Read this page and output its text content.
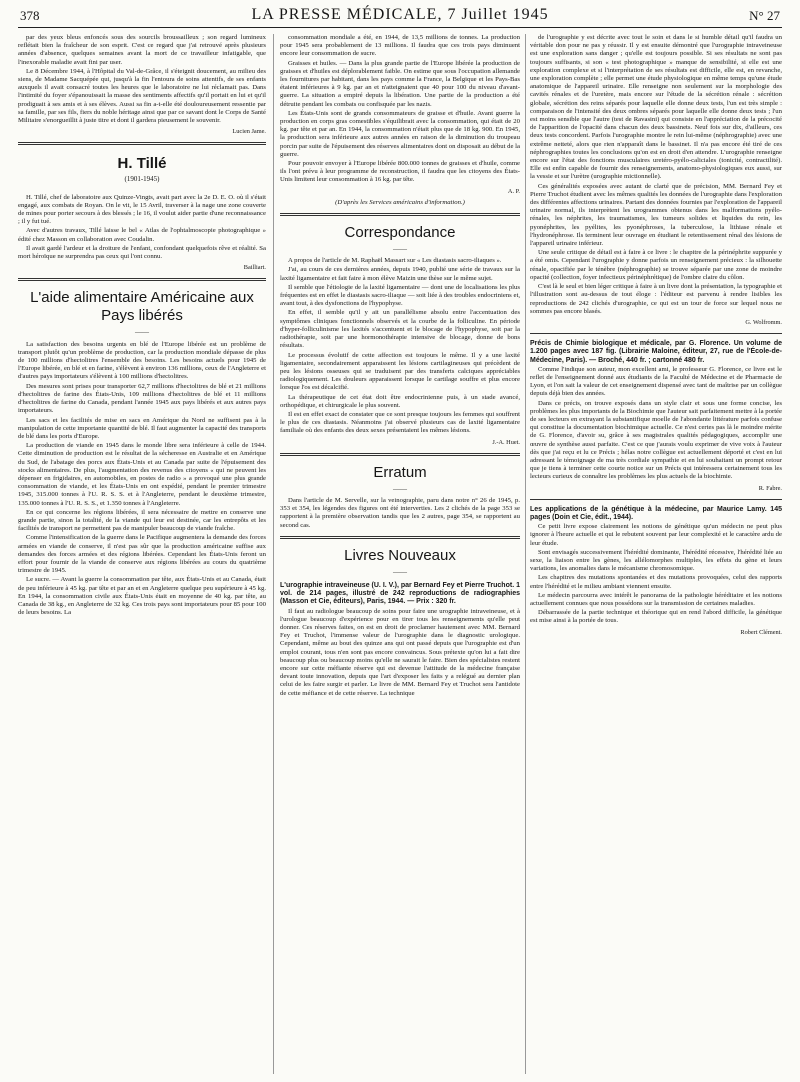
378	LA PRESSE MÉDICALE, 7 Juillet 1945	N° 27

par des yeux bleus enfoncés sous des sourcils broussailleux ; son regard lumineux reflétait bien la fraîcheur de son esprit. C'est ce regard que j'ai retrouvé après plusieurs années d'absence, quelques semaines avant la mort de ce travailleur infatigable, que l'inexorable maladie avait fini par user.

Le 8 Décembre 1944, à l'Hôpital du Val-de-Grâce, il s'éteignit doucement, au milieu des siens, de Madame Sacquépée qui, jusqu'à la fin l'entoura de soins attentifs, de ses enfants auxquels il avait consacré toutes les heures que le laboratoire ne lui réclamait pas. Dans l'intimité du foyer s'épanouissait la masse des sentiments affectifs qu'il portait en lui et qu'il prodiguait à ses amis et à ses élèves. Aussi sa fin a-t-elle été douloureusement ressentie par sa famille, par ses fils, fiers du noble héritage ainsi que par ce savant dont le Corps de Santé Militaire s'enorgueillit à juste titre et dont il gardera pieusement le souvenir.

Lucien Jame.
H. Tillé
(1901-1945)

H. Tillé, chef de laboratoire aux Quinze-Vingts, avait part avec la 2e D. E. O. où il s'était engagé, aux combats de Royan. On le vit, le 15 Avril, traverser à la nage une zone couverte de mines pour porter secours à des blessés ; le 16, il voulut aider partie d'une reconnaissance ; il y fut tué.

Avec d'autres travaux, Tillé laisse le bel « Atlas de l'ophtalmoscopie photographique » édité chez Masson en collaboration avec Coudalin.

Il avait gardé l'ardeur et la droiture de l'enfant, confondant quelquefois rêve et réalité. Sa mort héroïque ne surprendra pas ceux qui l'ont connu.

Bailliart.
L'aide alimentaire Américaine aux Pays libérés
——

La satisfaction des besoins urgents en blé de l'Europe libérée est un problème de transport plutôt qu'un problème de production, car la production mondiale dépasse de plus de 100 millions d'hectolitres l'ensemble des besoins. Les besoins actuels pour 1945 de l'Europe libérée, en blé et en farine, s'élèvent à environ 136 millions, ceux de l'Angleterre et d'autres pays importateurs s'élèvent à 100 millions d'hectolitres.

Des mesures sont prises pour transporter 62,7 millions d'hectolitres de blé et 21 millions d'hectolitres de farine des États-Unis, 109 millions d'hectolitres de blé et 11 millions d'hectolitres de farine du Canada, pendant l'année 1945 aux pays libérés et aux autres pays importateurs.

Les sacs et les facilités de mise en sacs en Amérique du Nord ne suffisent pas à la manipulation de cette importante quantité de blé. Il faut augmenter la capacité des transports de blé dans les ports d'Europe.

La production de viande en 1945 dans le monde libre sera inférieure à celle de 1944. Cette diminution de production est le résultat de la sécheresse en Australie et en Amérique du Sud, de l'abatage des porcs aux États-Unis et au Canada par suite de l'épuisement des stocks alimentaires. De plus, l'augmentation des revenus des citoyens « qui ne peuvent les dépenser en frigidaires, en automobiles, en postes de radio » a provoqué une plus grande consommation de viande, et les États-Unis en ont expédié, pendant le premier trimestre 1945, 315.000 tonnes à l'U. R. S. S. et à l'Angleterre, pendant le deuxième trimestre, 135.000 tonnes à l'U. R. S. S., et 1.350 tonnes à l'Angleterre.

En ce qui concerne les régions libérées, il sera nécessaire de mettre en conserve une grande partie, sinon la totalité, de la viande qui leur est destinée, car les entrepôts et les facilités de transport ne permettent pas de manipuler beaucoup de viande fraîche.

Comme l'intensification de la guerre dans le Pacifique augmentera la demande des forces armées en viande de conserve, il n'est pas sûr que la production américaine suffise aux demandes des forces armées et des régions libérées. Cependant les États-Unis feront un effort pour fournir de la viande de conserve aux régions libérées au cours du quatrième trimestre de 1945.

Le sucre. — Avant la guerre la consommation par tête, aux États-Unis et au Canada, était de peu inférieure à 45 kg. par tête et par an et en Angleterre quelque peu supérieure à 45 kg. En 1944, la consommation civile aux États-Unis était en moyenne de 40 kg. par tête, au Canada de 38 kg., en Angleterre de 32 kg. Ces trois pays sont importateurs pour 85 pour 100 de leurs besoins. La

consommation mondiale a été, en 1944, de 13,5 millions de tonnes. La production pour 1945 sera probablement de 13 millions. Il faudra que ces trois pays diminuent encore leur consommation de sucre.

Graisses et huiles. — Dans la plus grande partie de l'Europe libérée la production de graisses et d'huiles est déplorablement faible. On estime que sous l'occupation allemande les fournitures par habitant, dans les pays comme la France, la Belgique et les Pays-Bas étaient inférieures à 9 kg. par an et n'atteignaient que 40 pour 100 du niveau d'avant-guerre. La situation a empiré depuis la libération. Une partie de la production a été détruite pendant les combats ou confisquée par les nazis.

Les États-Unis sont de grands consommateurs de graisse et d'huile. Avant guerre la production en corps gras comestibles s'équilibrait avec la consommation, qui était de 20 kg. par tête et par an. En 1944, la consommation n'était plus que de 18 kg. 900. En 1945, la production sera inférieure aux autres années en raison de la diminution du troupeau porcin par suite de l'épuisement des réserves alimentaires dont on disposait au début de la guerre.

Pour pouvoir envoyer à l'Europe libérée 800.000 tonnes de graisses et d'huile, comme ils l'ont prévu à leur programme de reconstruction, il faudra que les citoyens des États-Unis limitent leur consommation à 16 kg. par tête.

A. P.
(D'après les Services américains d'information.)
Correspondance
——

A propos de l'article de M. Raphaël Massart sur « Les diastasis sacro-iliaques ».

J'ai, au cours de ces dernières années, depuis 1940, publié une série de travaux sur la laxité ligamentaire et fait faire à mon élève Maizin une thèse sur le même sujet.

Il semble que l'étiologie de la laxité ligamentaire — dont une de localisations les plus fréquentes est en effet le diastasis sacro-iliaque — soit liée à des troubles endocriniens et, avant tout, à des dysfonctions de l'hypophyse.

En effet, il semble qu'il y ait un parallélisme absolu entre l'accentuation des symptômes cliniques fonctionnels observés et la courbe de la folliculine. En période d'hyper-folliculinisme les laxités s'accentuent et le blocage de l'hypophyse, soit par la radiothérapie, soit par une hormonothérapie intensive de blocage, donne de bons résultats.

Le processus évolutif de cette affection est toujours le même. Il y a une laxité ligamentaire, secondairement apparaissent les lésions cartilagineuses qui précèdent de peu les lésions osseuses qui se traduisent par des transferts calciques appréciables radiologiquement. Les douleurs apparaissent lorsque le cartilage souffre et plus encore lorsque l'os est décalcifié.

La thérapeutique de cet état doit être endocrinienne puis, à un stade avancé, orthopédique, et chirurgicale le plus souvent.

Il est en effet exact de constater que ce sont presque toujours les femmes qui souffrent le plus de ces diastasis. Néanmoins j'ai observé plusieurs cas de laxité ligamentaire familiale où des enfants des deux sexes présentaient les mêmes lésions.

J.-A. Huet.
Erratum
——

Dans l'article de M. Servelle, sur la veinographie, paru dans notre n° 26 de 1945, p. 353 et 354, les légendes des figures ont été interverties. Les 2 clichés de la page 353 se rapportent à la première observation tandis que les 2 autres, page 354, se rapportent au second cas.

Livres Nouveaux
——

L'urographie intraveineuse (U. I. V.), par Bernard Fey et Pierre Truchot. 1 vol. de 214 pages, illustré de 242 reproductions de radiographies (Masson et Cie, éditeurs), Paris, 1944. — Prix : 320 fr.

Il faut au radiologue beaucoup de soins pour faire une urographie intraveineuse, et à l'urologue beaucoup d'expérience pour en tirer tous les renseignements qu'elle peut donner. Ces réserves faites, on est en droit de proclamer hautement avec MM. Bernard Fey et Truchot, l'immense valeur de l'urographie dans le diagnostic urologique. Cependant, même au bout des quinze ans qui ont passé depuis que l'urographie est d'un emploi courant, tous n'en sont pas encore convaincus. Sous prétexte qu'on lui a fait dire beaucoup plus ou beaucoup moins qu'elle ne saurait le faire. Bien des spécialistes restent encore sur cette méfiante réserve qui est devenue l'attitude de la médecine française devant toute innovation, depuis que l'art d'exposer les faits y a relégué au dernier plan celui de les faire surgir et parler. Le livre de MM. Bernard Fey et Truchot sera l'antidote de cette méfiance et de cette réserve. La technique

de l'urographie y est décrite avec tout le soin et dans le si humble détail qu'il faudra un véritable don pour ne pas y réussir. Il y est ensuite démontré que l'urographie intraveineuse est une exploration sans danger ; qu'elle est toujours possible. Si ses résultats ne sont pas toujours suffisants, si son « test photographique » manque de sensibilité, si elle est une exploration complexe et si l'interprétation de ses résultats est difficile, elle est, en revanche, une exploration complète ; elle permet une étude physiologique en même temps qu'une étude anatomique de l'appareil urinaire. Elle renseigne non seulement sur la morphologie des cavités rénales et de l'uretère, mais encore sur l'étude de la sécrétion rénale : sécrétion globale, sécrétion des reins séparés pour laquelle elle donne deux tests, l'un est très simple : comparaison de l'intensité des deux ombres séparés pour laquelle elle donne deux tests ; l'un est moins sensible que l'autre (test de Ravasini) qui consiste en l'appréciation de la précocité de l'apparition de l'opacité dans chacun des deux bassinets. Neuf fois sur dix, d'ailleurs, ces deux tests concordent. Parfois l'urographie montre le rein lui-même (néphrographie) avec une extrême netteté, alors que rien n'apparaît dans le bassinet. Il n'a pas encore été tiré de ces néphrographies toutes les conclusions qu'on est en droit d'en attendre. L'urographie renseigne encore sur l'état des fonctions musculaires uretéro-pyélo-caliciales (tonicité, contractilité). Elle est enfin capable de fournir des renseignements, anatomo-physiologiques eux aussi, sur la vessie et sur l'urètre (urographie mictionnelle).

Ces généralités exposées avec autant de clarté que de précision, MM. Bernard Fey et Pierre Truchot étudient avec les mêmes qualités les données de l'urographie dans l'exploration des différentes affections urinaires. Partant des données fournies par l'exploration de l'appareil urinaire normal, ils interprètent les urogrammes obtenus dans les malformations pyélo-rénales, les néphrites, les traumatismes, les tumeurs solides et liquides du rein, les pyonéphrites, les pyélites, les pyonéphroses, la tuberculose, la lithiase rénale et l'hydronéphrose. Ils terminent leur ouvrage en étudiant le retentissement rénal des lésions de l'appareil urinaire inférieur.

Une seule critique de détail est à faire à ce livre : le chapitre de la périnéphrite suppurée y a été omis. Cependant l'urographie y donne parfois un renseignement précieux : la silhouette rénale, opacifiée par le ténèbre (néphrographie) se trouve séparée par une zone de moindre opacité (collection, foyer infectieux périnéphrétique) de l'ombre claire du côlon.

C'est là le seul et bien léger critique à faire à un livre dont la présentation, la typographie et l'illustration sont au-dessus de tout éloge : l'éditeur est parvenu à rendre lisibles les reproductions de 242 clichés d'urographie, ce qui est un tour de force sur lequel nous ne sommes pas encore blasés.

G. Wolfromm.

Précis de Chimie biologique et médicale, par G. Florence. Un volume de 1.200 pages avec 187 fig. (Librairie Maloine, éditeur, 27, rue de l'École-de-Médecine, Paris). — Broché, 440 fr. ; cartonné 480 fr.

Comme l'indique son auteur, mon excellent ami, le professeur G. Florence, ce livre est le reflet de l'enseignement donné aux étudiants de la Faculté de Médecine et de Pharmacie de Lyon, et l'on sait la valeur de cet enseignement dispensé avec tant de maîtrise par un collègue depuis déjà bien des années.

Dans ce précis, on trouve exposés dans un style clair et sous une forme concise, les problèmes les plus importants de la Biochimie que l'auteur sait parfaitement mettre à la portée de ses lecteurs en extrayant la substantifique moelle de l'abondante littérature parfois confuse qui constitue la documentation biochimique actuelle. Ce n'est certes pas là le moindre mérite de G. Florence, d'avoir su, grâce à ses magistrales qualités pédagogiques, accomplir une œuvre de synthèse aussi parfaite. C'est ce que j'aurais voulu exprimer de vive voix à l'auteur dès que j'ai reçu et lu ce Précis ; hélas notre collègue est actuellement déporté et c'est en lui adressant le témoignage de ma très cordiale sympathie et en lui souhaitant un prompt retour que je tiens à terminer cette courte notice sur un Précis qui intéressera certainement tous les lecteurs curieux de connaître les problèmes les plus actuels de la biochimie.

R. Fabre.

Les applications de la génétique à la médecine, par Maurice Lamy. 145 pages (Doin et Cie, édit., 1944).

Ce petit livre expose clairement les notions de génétique qu'un médecin ne peut plus ignorer à l'heure actuelle et qui le rebutent souvent par leur complexité et le caractère ardu de leur étude.

Sont envisagés successivement l'hérédité dominante, l'hérédité récessive, l'hérédité liée au sexe, la liaison entre les gènes, les allélomorphes multiples, les effets du gène et leurs variations, les anomalies dans le mécanisme chromosomique.

Les chapitres des mutations spontanées et des mutations provoquées, celui des rapports entre l'hérédité et le milieu ambiant viennent ensuite.

Le médecin parcourra avec intérêt le panorama de la pathologie héréditaire et les notions actuellement connues que nous possédons sur la transmission de certaines maladies.

Débarrassée de la partie technique et théorique qui en rend l'abord difficile, la génétique est mise ainsi à la portée de tous.

Robert Clément.
